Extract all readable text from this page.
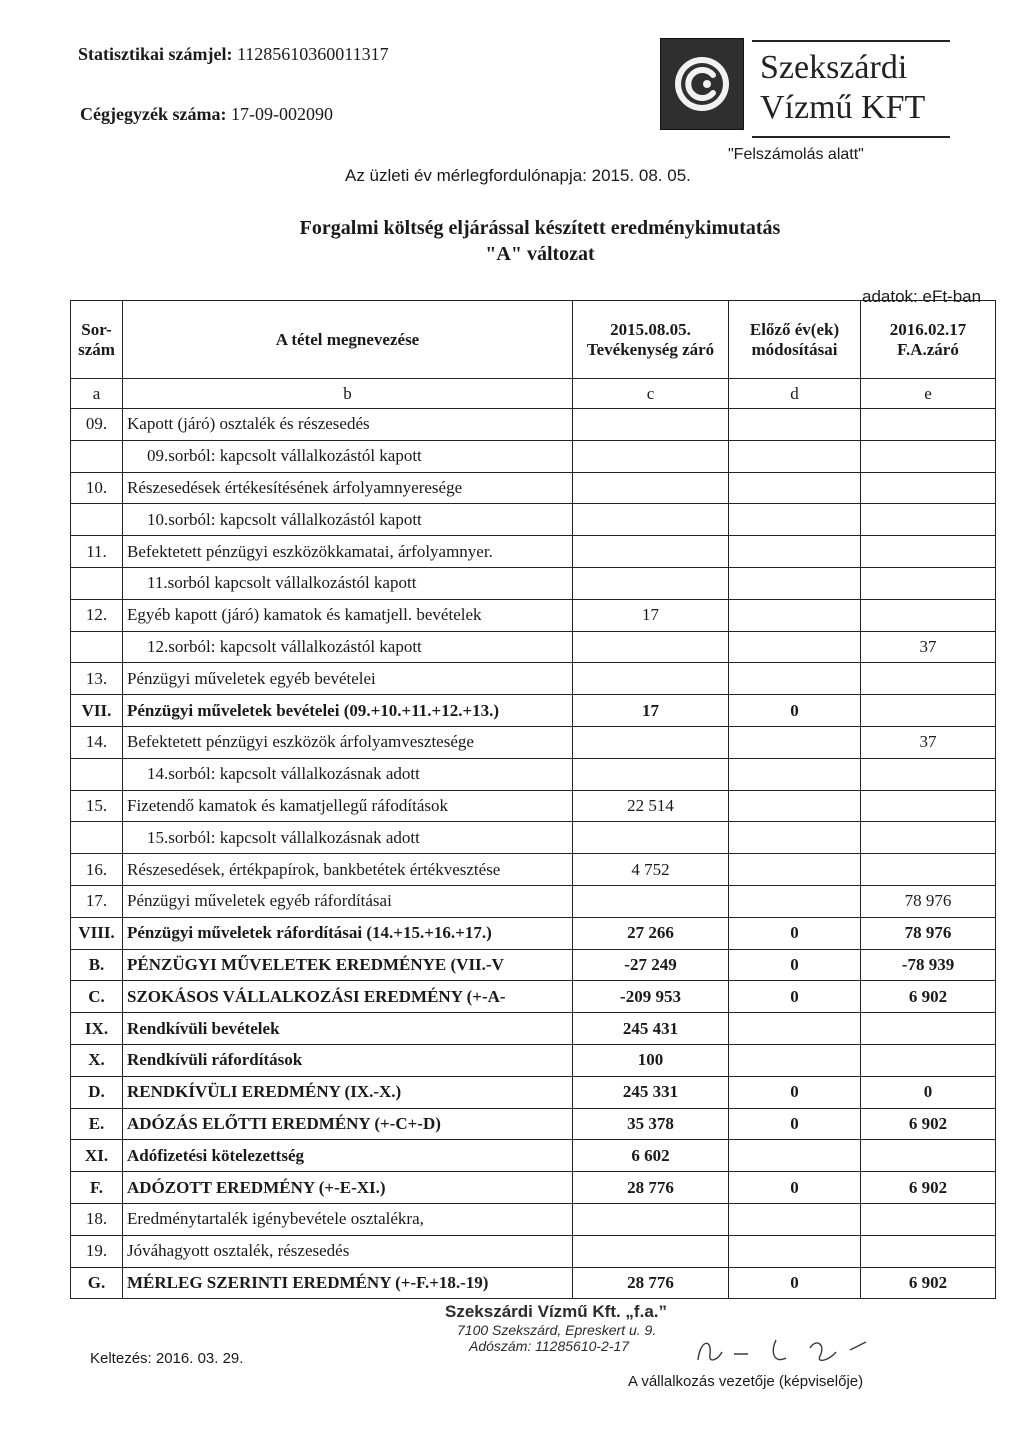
Statisztikai számjel: 11285610360011317
Cégjegyzék száma: 17-09-002090
Szekszárdi
Vízmű KFT
"Felszámolás alatt"
Az üzleti év mérlegfordulónapja: 2015. 08. 05.
Forgalmi költség eljárással készített eredménykimutatás
"A" változat
adatok: eFt-ban
Sor- szám	A tétel megnevezése	2015.08.05. Tevékenység záró	Előző év(ek) módosításai	2016.02.17 F.A.záró
a	b	c	d	e
09.	Kapott (járó) osztalék és részesedés			
	09.sorból: kapcsolt vállalkozástól kapott			
10.	Részesedések értékesítésének árfolyamnyeresége			
	10.sorból: kapcsolt vállalkozástól kapott			
11.	Befektetett pénzügyi eszközökkamatai, árfolyamnyer.			
	11.sorból kapcsolt vállalkozástól kapott			
12.	Egyéb kapott (járó) kamatok és kamatjell. bevételek	17		
	12.sorból: kapcsolt vállalkozástól kapott			37
13.	Pénzügyi műveletek egyéb bevételei			
VII.	Pénzügyi műveletek bevételei (09.+10.+11.+12.+13.)	17	0	
14.	Befektetett pénzügyi eszközök árfolyamvesztesége			37
	14.sorból: kapcsolt vállalkozásnak adott			
15.	Fizetendő kamatok és kamatjellegű ráfodítások	22 514		
	15.sorból: kapcsolt vállalkozásnak adott			
16.	Részesedések, értékpapírok, bankbetétek értékvesztése	4 752		
17.	Pénzügyi műveletek egyéb ráfordításai			78 976
VIII.	Pénzügyi műveletek ráfordításai (14.+15.+16.+17.)	27 266	0	78 976
B.	PÉNZÜGYI MŰVELETEK EREDMÉNYE (VII.-V	-27 249	0	-78 939
C.	SZOKÁSOS VÁLLALKOZÁSI EREDMÉNY (+-A-	-209 953	0	6 902
IX.	Rendkívüli bevételek	245 431		
X.	Rendkívüli ráfordítások	100		
D.	RENDKÍVÜLI EREDMÉNY (IX.-X.)	245 331	0	0
E.	ADÓZÁS ELŐTTI EREDMÉNY (+-C+-D)	35 378	0	6 902
XI.	Adófizetési kötelezettség	6 602		
F.	ADÓZOTT EREDMÉNY (+-E-XI.)	28 776	0	6 902
18.	Eredménytartalék igénybevétele osztalékra,			
19.	Jóváhagyott osztalék, részesedés			
G.	MÉRLEG SZERINTI EREDMÉNY (+-F.+18.-19)	28 776	0	6 902
Keltezés: 2016. 03. 29.
Szekszárdi Vízmű Kft. „f.a.”
7100 Szekszárd, Epreskert u. 9.
Adószám: 11285610-2-17
A vállalkozás vezetője (képviselője)
